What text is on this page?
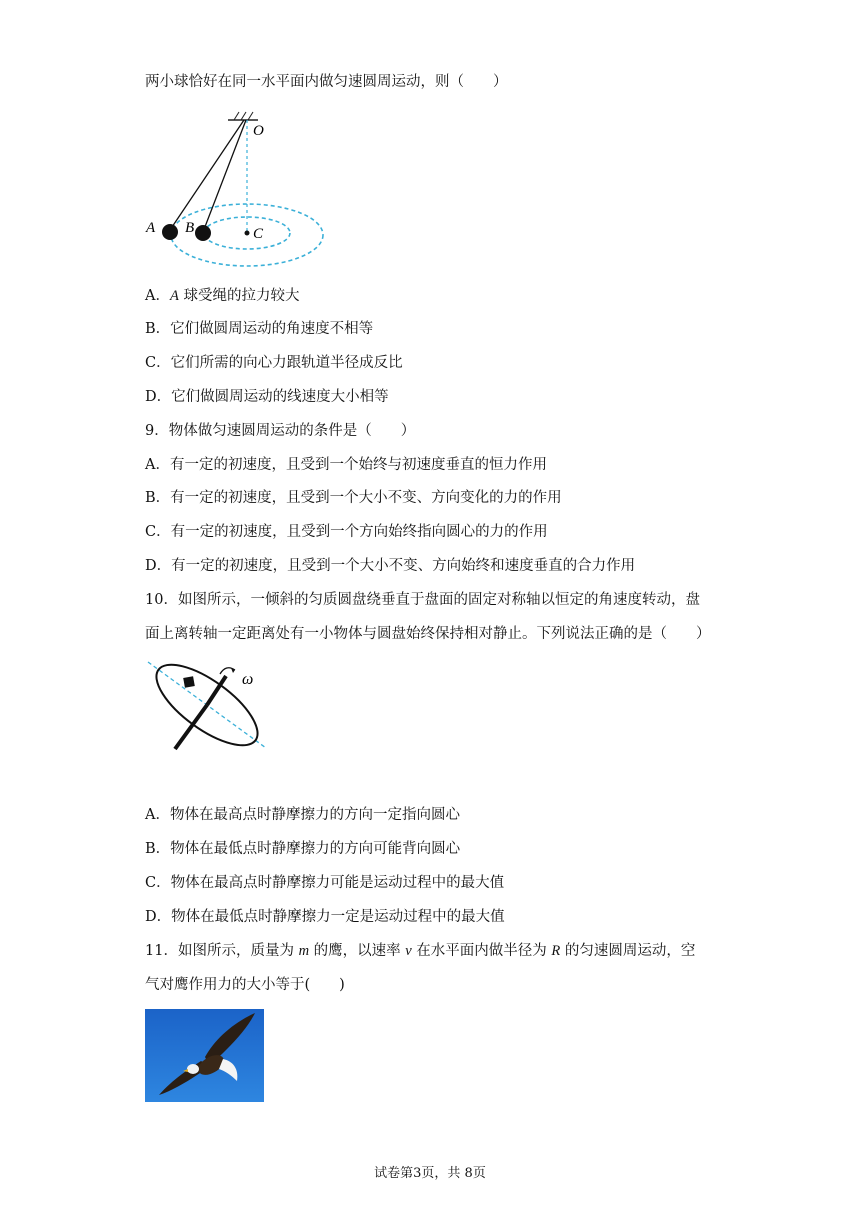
两小球恰好在同一水平面内做匀速圆周运动，则（　　）
O
A B	C
A．A 球受绳的拉力较大
B．它们做圆周运动的角速度不相等
C．它们所需的向心力跟轨道半径成反比
D．它们做圆周运动的线速度大小相等
9．物体做匀速圆周运动的条件是（　　）
A．有一定的初速度，且受到一个始终与初速度垂直的恒力作用
B．有一定的初速度，且受到一个大小不变、方向变化的力的作用
C．有一定的初速度，且受到一个方向始终指向圆心的力的作用
D．有一定的初速度，且受到一个大小不变、方向始终和速度垂直的合力作用
10．如图所示，一倾斜的匀质圆盘绕垂直于盘面的固定对称轴以恒定的角速度转动，盘
面上离转轴一定距离处有一小物体与圆盘始终保持相对静止。下列说法正确的是（　　）
ω
A．物体在最高点时静摩擦力的方向一定指向圆心
B．物体在最低点时静摩擦力的方向可能背向圆心
C．物体在最高点时静摩擦力可能是运动过程中的最大值
D．物体在最低点时静摩擦力一定是运动过程中的最大值
11．如图所示，质量为 m 的鹰，以速率 v 在水平面内做半径为 R 的匀速圆周运动，空
气对鹰作用力的大小等于(　　)
试卷第3页，共 8页
